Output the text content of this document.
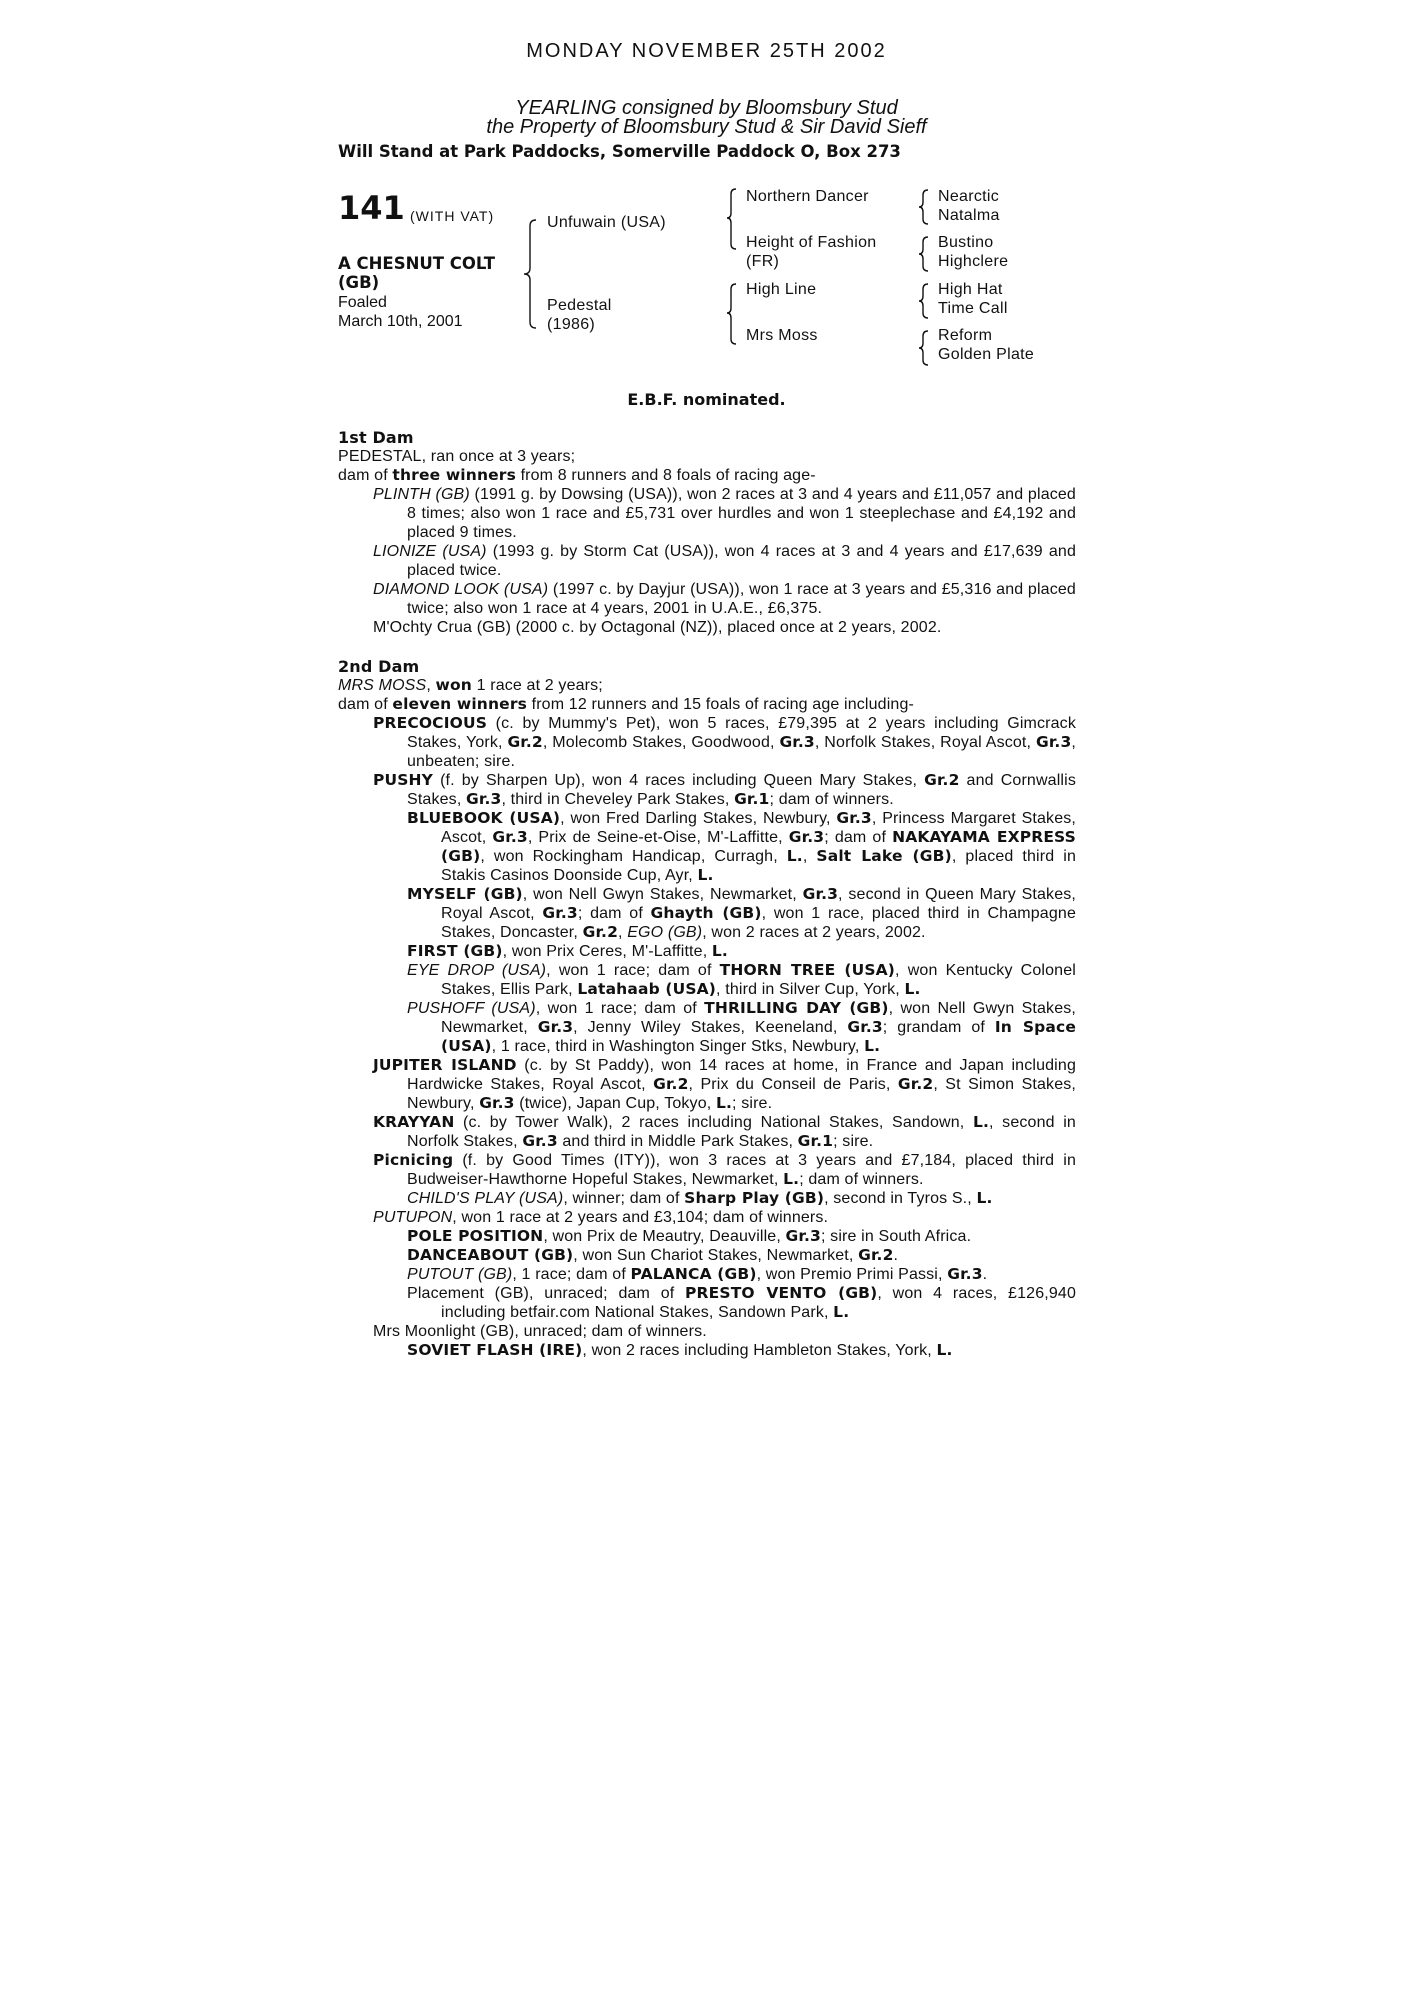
MONDAY NOVEMBER 25TH 2002
YEARLING consigned by Bloomsbury Stud
the Property of Bloomsbury Stud & Sir David Sieff
Will Stand at Park Paddocks, Somerville Paddock O, Box 273
141 (WITH VAT)
A CHESNUT COLT
(GB)
Foaled
March 10th, 2001
Unfuwain (USA)
Pedestal
(1986)
Northern Dancer
Height of Fashion
(FR)
High Line
Mrs Moss
Nearctic
Natalma
Bustino
Highclere
High Hat
Time Call
Reform
Golden Plate
E.B.F. nominated.
1st Dam
PEDESTAL, ran once at 3 years;
dam of three winners from 8 runners and 8 foals of racing age-
PLINTH (GB) (1991 g. by Dowsing (USA)), won 2 races at 3 and 4 years and £11,057 and placed 8 times; also won 1 race and £5,731 over hurdles and won 1 steeplechase and £4,192 and placed 9 times.
LIONIZE (USA) (1993 g. by Storm Cat (USA)), won 4 races at 3 and 4 years and £17,639 and placed twice.
DIAMOND LOOK (USA) (1997 c. by Dayjur (USA)), won 1 race at 3 years and £5,316 and placed twice; also won 1 race at 4 years, 2001 in U.A.E., £6,375.
M'Ochty Crua (GB) (2000 c. by Octagonal (NZ)), placed once at 2 years, 2002.
2nd Dam
MRS MOSS, won 1 race at 2 years;
dam of eleven winners from 12 runners and 15 foals of racing age including-
PRECOCIOUS (c. by Mummy's Pet), won 5 races, £79,395 at 2 years including Gimcrack Stakes, York, Gr.2, Molecomb Stakes, Goodwood, Gr.3, Norfolk Stakes, Royal Ascot, Gr.3, unbeaten; sire.
PUSHY (f. by Sharpen Up), won 4 races including Queen Mary Stakes, Gr.2 and Cornwallis Stakes, Gr.3, third in Cheveley Park Stakes, Gr.1; dam of winners.
BLUEBOOK (USA), won Fred Darling Stakes, Newbury, Gr.3, Princess Margaret Stakes, Ascot, Gr.3, Prix de Seine-et-Oise, M'-Laffitte, Gr.3; dam of NAKAYAMA EXPRESS (GB), won Rockingham Handicap, Curragh, L., Salt Lake (GB), placed third in Stakis Casinos Doonside Cup, Ayr, L.
MYSELF (GB), won Nell Gwyn Stakes, Newmarket, Gr.3, second in Queen Mary Stakes, Royal Ascot, Gr.3; dam of Ghayth (GB), won 1 race, placed third in Champagne Stakes, Doncaster, Gr.2, EGO (GB), won 2 races at 2 years, 2002.
FIRST (GB), won Prix Ceres, M'-Laffitte, L.
EYE DROP (USA), won 1 race; dam of THORN TREE (USA), won Kentucky Colonel Stakes, Ellis Park, Latahaab (USA), third in Silver Cup, York, L.
PUSHOFF (USA), won 1 race; dam of THRILLING DAY (GB), won Nell Gwyn Stakes, Newmarket, Gr.3, Jenny Wiley Stakes, Keeneland, Gr.3; grandam of In Space (USA), 1 race, third in Washington Singer Stks, Newbury, L.
JUPITER ISLAND (c. by St Paddy), won 14 races at home, in France and Japan including Hardwicke Stakes, Royal Ascot, Gr.2, Prix du Conseil de Paris, Gr.2, St Simon Stakes, Newbury, Gr.3 (twice), Japan Cup, Tokyo, L.; sire.
KRAYYAN (c. by Tower Walk), 2 races including National Stakes, Sandown, L., second in Norfolk Stakes, Gr.3 and third in Middle Park Stakes, Gr.1; sire.
Picnicing (f. by Good Times (ITY)), won 3 races at 3 years and £7,184, placed third in Budweiser-Hawthorne Hopeful Stakes, Newmarket, L.; dam of winners.
CHILD'S PLAY (USA), winner; dam of Sharp Play (GB), second in Tyros S., L.
PUTUPON, won 1 race at 2 years and £3,104; dam of winners.
POLE POSITION, won Prix de Meautry, Deauville, Gr.3; sire in South Africa.
DANCEABOUT (GB), won Sun Chariot Stakes, Newmarket, Gr.2.
PUTOUT (GB), 1 race; dam of PALANCA (GB), won Premio Primi Passi, Gr.3.
Placement (GB), unraced; dam of PRESTO VENTO (GB), won 4 races, £126,940 including betfair.com National Stakes, Sandown Park, L.
Mrs Moonlight (GB), unraced; dam of winners.
SOVIET FLASH (IRE), won 2 races including Hambleton Stakes, York, L.
